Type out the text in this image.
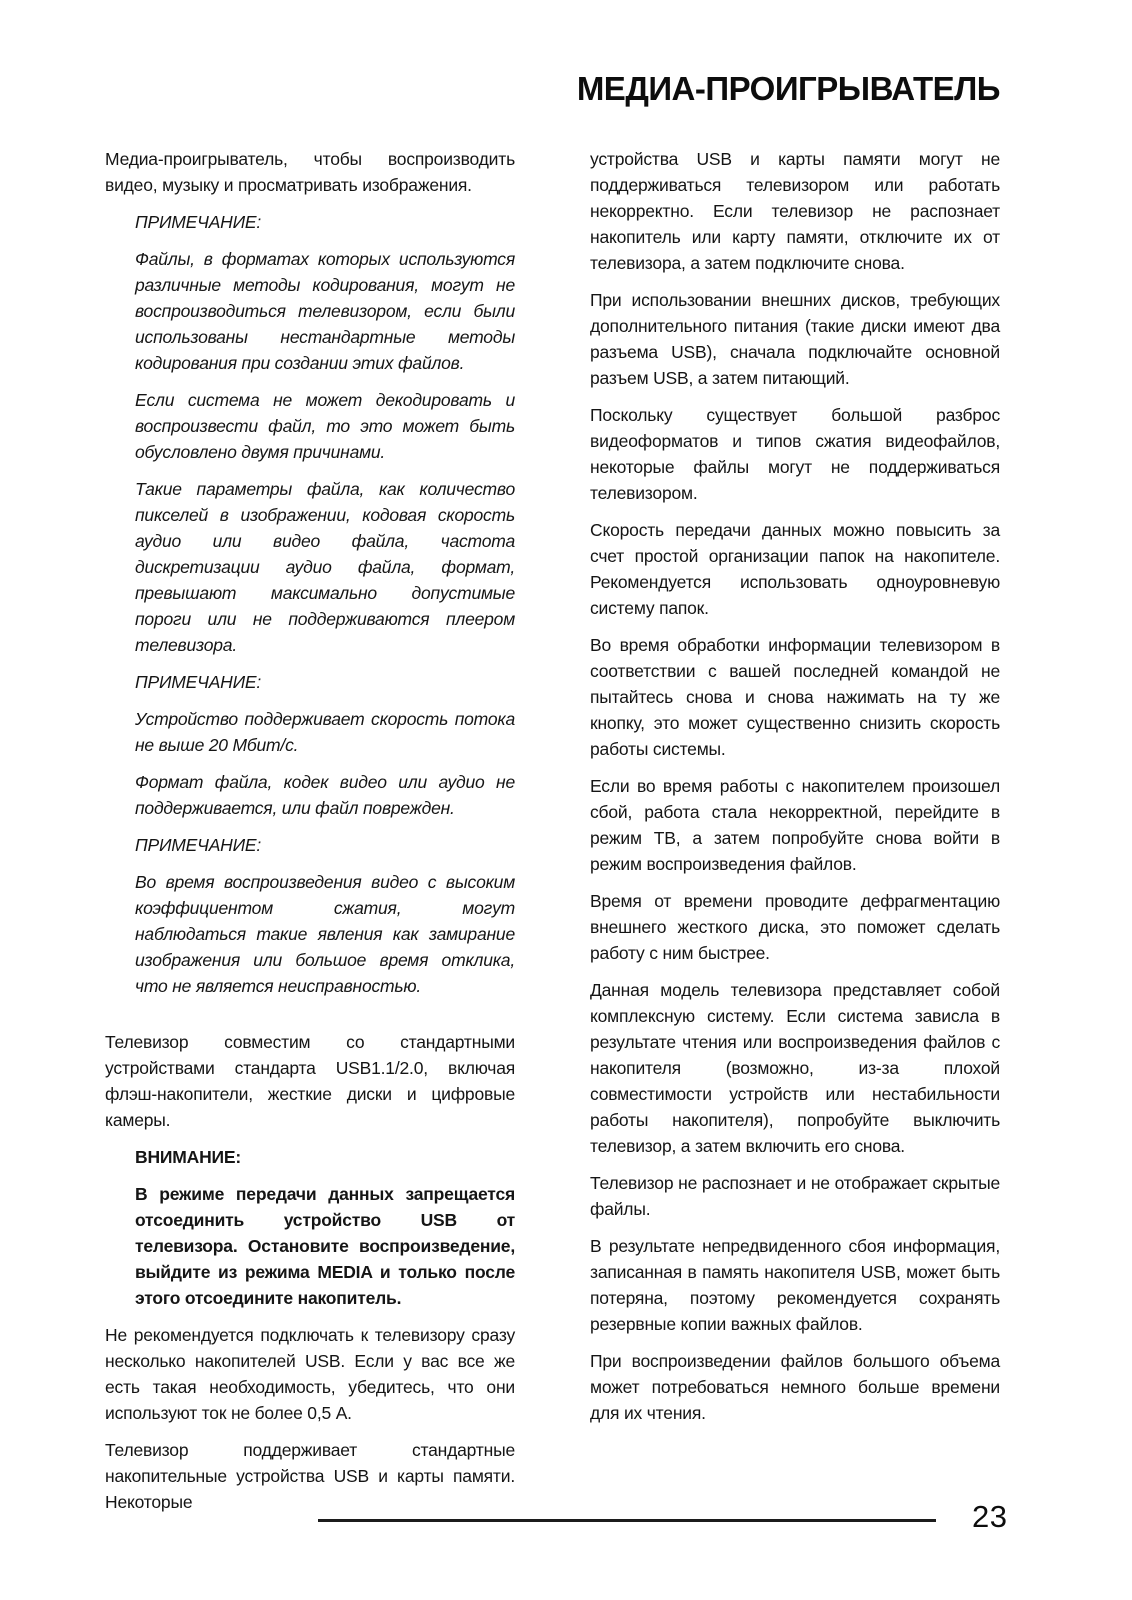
МЕДИА-ПРОИГРЫВАТЕЛЬ

Медиа-проигрыватель, чтобы воспроизводить видео, музыку и просматривать изображения.

ПРИМЕЧАНИЕ:

Файлы, в форматах которых используются различные методы кодирования, могут не воспроизводиться телевизором, если были использованы нестандартные методы кодирования при создании этих файлов.

Если система не может декодировать и воспроизвести файл, то это может быть обусловлено двумя причинами.

Такие параметры файла, как количество пикселей в изображении, кодовая скорость аудио или видео файла, частота дискретизации аудио файла, формат, превышают максимально допустимые пороги или не поддерживаются плеером телевизора.

ПРИМЕЧАНИЕ:

Устройство поддерживает скорость потока не выше 20 Мбит/с.

Формат файла, кодек видео или аудио не поддерживается, или файл поврежден.

ПРИМЕЧАНИЕ:

Во время воспроизведения видео с высоким коэффициентом сжатия, могут наблюдаться такие явления как замирание изображения или большое время отклика, что не является неисправностью.

Телевизор совместим со стандартными устройствами стандарта USB1.1/2.0, включая флэш-накопители, жесткие диски и цифровые камеры.

ВНИМАНИЕ:

В режиме передачи данных запрещается отсоединить устройство USB от телевизора. Остановите воспроизведение, выйдите из режима MEDIA и только после этого отсоедините накопитель.

Не рекомендуется подключать к телевизору сразу несколько накопителей USB. Если у вас все же есть такая необходимость, убедитесь, что они используют ток не более 0,5 А.

Телевизор поддерживает стандартные накопительные устройства USB и карты памяти. Некоторые

устройства USB и карты памяти могут не поддерживаться телевизором или работать некорректно. Если телевизор не распознает накопитель или карту памяти, отключите их от телевизора, а затем подключите снова.

При использовании внешних дисков, требующих дополнительного питания (такие диски имеют два разъема USB), сначала подключайте основной разъем USB, а затем питающий.

Поскольку существует большой разброс видеоформатов и типов сжатия видеофайлов, некоторые файлы могут не поддерживаться телевизором.

Скорость передачи данных можно повысить за счет простой организации папок на накопителе. Рекомендуется использовать одноуровневую систему папок.

Во время обработки информации телевизором в соответствии с вашей последней командой не пытайтесь снова и снова нажимать на ту же кнопку, это может существенно снизить скорость работы системы.

Если во время работы с накопителем произошел сбой, работа стала некорректной, перейдите в режим ТВ, а затем попробуйте снова войти в режим воспроизведения файлов.

Время от времени проводите дефрагментацию внешнего жесткого диска, это поможет сделать работу с ним быстрее.

Данная модель телевизора представляет собой комплексную систему. Если система зависла в результате чтения или воспроизведения файлов с накопителя (возможно, из-за плохой совместимости устройств или нестабильности работы накопителя), попробуйте выключить телевизор, а затем включить его снова.

Телевизор не распознает и не отображает скрытые файлы.

В результате непредвиденного сбоя информация, записанная в память накопителя USB, может быть потеряна, поэтому рекомендуется сохранять резервные копии важных файлов.

При воспроизведении файлов большого объема может потребоваться немного больше времени для их чтения.

23
